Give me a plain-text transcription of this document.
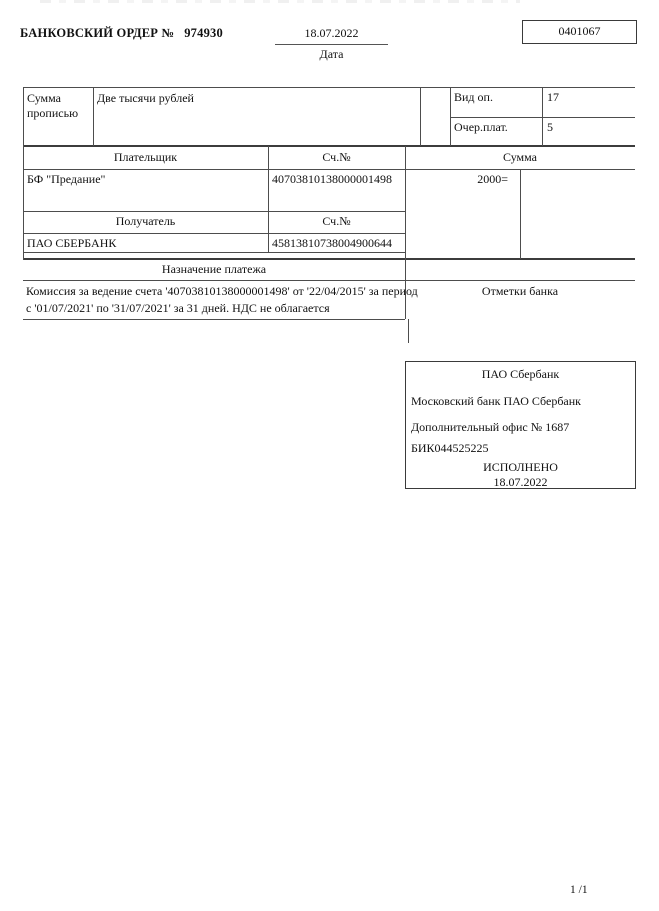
БАНКОВСКИЙ ОРДЕР № 974930	18.07.2022
Дата
0401067
Сумма
прописью
Две тысячи рублей	Вид оп.	17
Очер.плат.	5
Плательщик	Сч.№	Сумма
БФ "Предание"	40703810138000001498	2000=
Получатель	Сч.№
ПАО СБЕРБАНК	45813810738004900644
Назначение платежа
Комиссия за ведение счета '40703810138000001498' от '22/04/2015' за период
с '01/07/2021' по '31/07/2021' за 31 дней. НДС не облагается
Отметки банка
ПАО Сбербанк
Московский банк ПАО Сбербанк
Дополнительный офис № 1687
БИК044525225
ИСПОЛНЕНО
18.07.2022
1 /1
